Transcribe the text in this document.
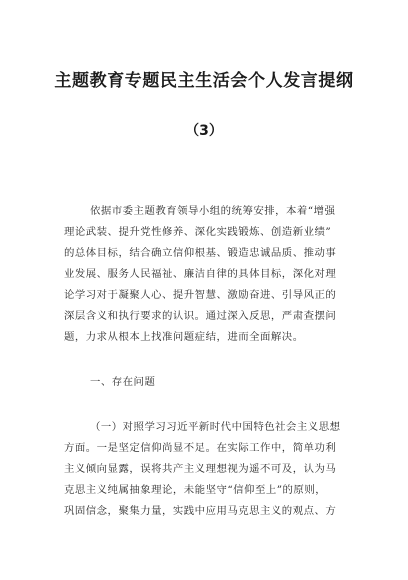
主题教育专题民主生活会个人发言提纲
（3）
依据市委主题教育领导小组的统筹安排，本着“增强
理论武装、提升党性修养、深化实践锻炼、创造新业绩”
的总体目标，结合确立信仰根基、锻造忠诚品质、推动事
业发展、服务人民福祉、廉洁自律的具体目标，深化对理
论学习对于凝聚人心、提升智慧、激励奋进、引导风正的
深层含义和执行要求的认识。通过深入反思，严肃查摆问
题，力求从根本上找准问题症结，进而全面解决。
一、存在问题
（一）对照学习习近平新时代中国特色社会主义思想
方面。一是坚定信仰尚显不足。在实际工作中，简单功利
主义倾向显露，误将共产主义理想视为遥不可及，认为马
克思主义纯属抽象理论，未能坚守“信仰至上”的原则，
巩固信念，聚集力量，实践中应用马克思主义的观点、方
